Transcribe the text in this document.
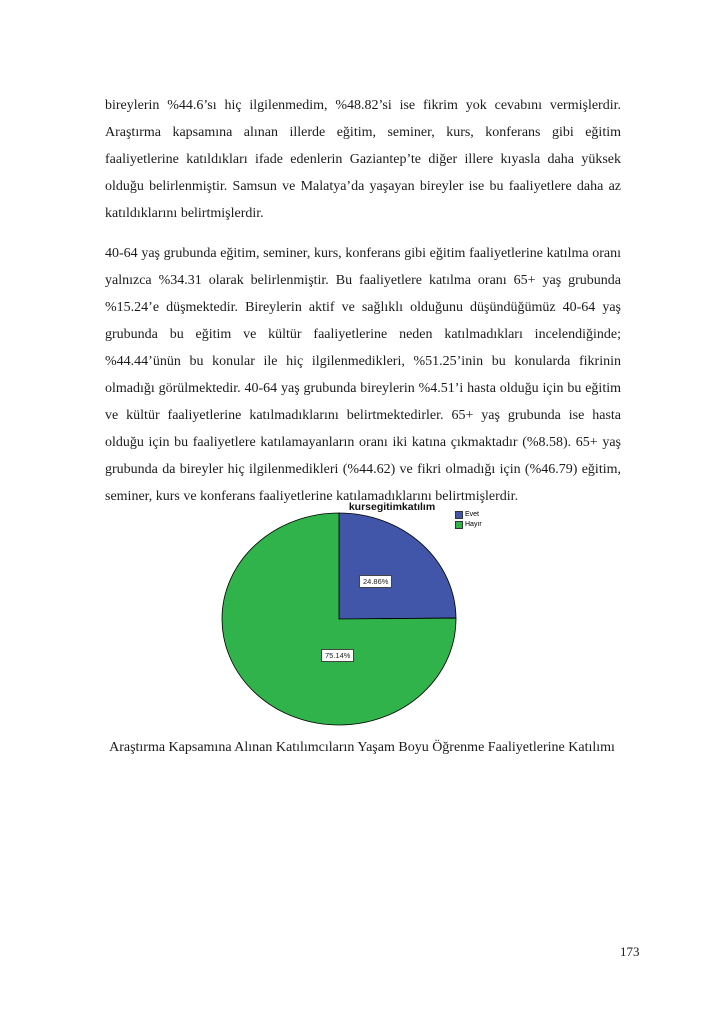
bireylerin %44.6’sı hiç ilgilenmedim, %48.82’si ise fikrim yok cevabını vermişlerdir. Araştırma kapsamına alınan illerde eğitim, seminer, kurs, konferans gibi eğitim faaliyetlerine katıldıkları ifade edenlerin Gaziantep’te diğer illere kıyasla daha yüksek olduğu belirlenmiştir. Samsun ve Malatya’da yaşayan bireyler ise bu faaliyetlere daha az katıldıklarını belirtmişlerdir.

40-64 yaş grubunda eğitim, seminer, kurs, konferans gibi eğitim faaliyetlerine katılma oranı yalnızca %34.31 olarak belirlenmiştir. Bu faaliyetlere katılma oranı 65+ yaş grubunda %15.24’e düşmektedir. Bireylerin aktif ve sağlıklı olduğunu düşündüğümüz 40-64 yaş grubunda bu eğitim ve kültür faaliyetlerine neden katılmadıkları incelendiğinde; %44.44’ünün bu konular ile hiç ilgilenmedikleri, %51.25’inin bu konularda fikrinin olmadığı görülmektedir. 40-64 yaş grubunda bireylerin %4.51’i hasta olduğu için bu eğitim ve kültür faaliyetlerine katılmadıklarını belirtmektedirler. 65+ yaş grubunda ise hasta olduğu için bu faaliyetlere katılamayanların oranı iki katına çıkmaktadır (%8.58). 65+ yaş grubunda da bireyler hiç ilgilenmedikleri (%44.62) ve fikri olmadığı için (%46.79) eğitim, seminer, kurs ve konferans faaliyetlerine katılamadıklarını belirtmişlerdir.

kursegitimkatılım
Evet
Hayır
24.86%
75.14%

Araştırma Kapsamına Alınan Katılımcıların Yaşam Boyu Öğrenme Faaliyetlerine Katılımı

173
